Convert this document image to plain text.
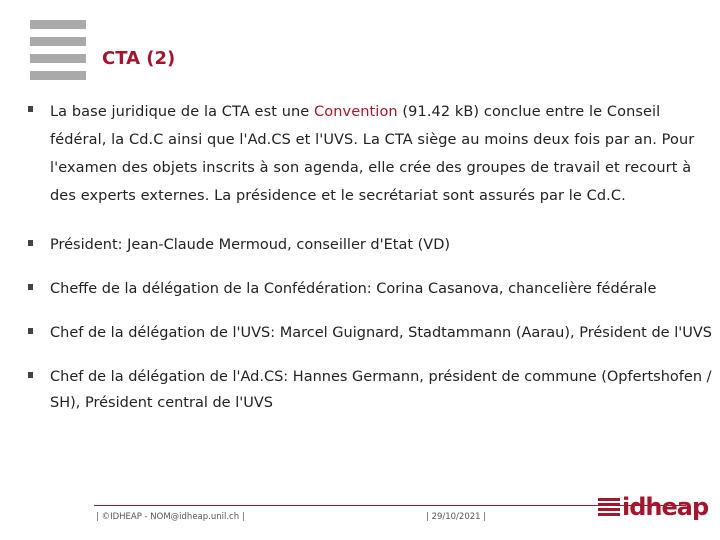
CTA (2)
La base juridique de la CTA est une Convention (91.42 kB) conclue entre le Conseil fédéral, la Cd.C ainsi que l'Ad.CS et l'UVS. La CTA siège au moins deux fois par an. Pour l'examen des objets inscrits à son agenda, elle crée des groupes de travail et recourt à des experts externes. La présidence et le secrétariat sont assurés par le Cd.C.
Président: Jean-Claude Mermoud, conseiller d'Etat (VD)
Cheffe de la délégation de la Confédération: Corina Casanova, chancelière fédérale
Chef de la délégation de l'UVS: Marcel Guignard, Stadtammann (Aarau), Président de l'UVS
Chef de la délégation de l'Ad.CS: Hannes Germann, président de commune (Opfertshofen / SH), Président central de l'UVS
| ©IDHEAP - NOM@idheap.unil.ch |	| 29/10/2021 |	idheap
